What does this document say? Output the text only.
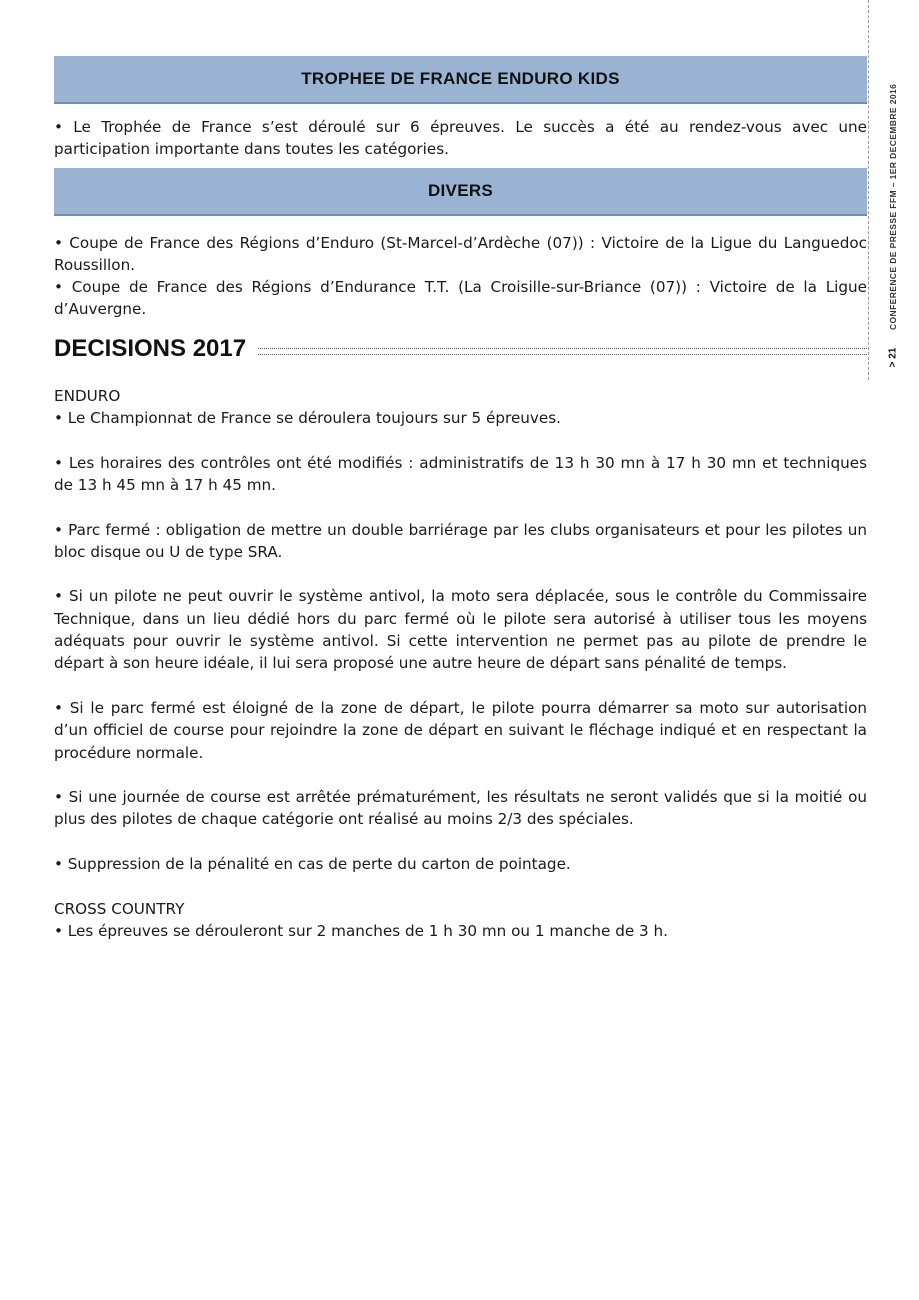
CONFERENCE DE PRESSE FFM – 1ER DECEMBRE 2016
> 21
TROPHEE DE FRANCE ENDURO KIDS

• Le Trophée de France s’est déroulé sur 6 épreuves. Le succès a été au rendez-vous avec une participation importante dans toutes les catégories.

DIVERS

• Coupe de France des Régions d’Enduro (St-Marcel-d’Ardèche (07)) : Victoire de la Ligue du Languedoc Roussillon.

• Coupe de France des Régions d’Endurance T.T. (La Croisille-sur-Briance (07)) : Victoire de la Ligue d’Auvergne.

DECISIONS 2017

ENDURO

• Le Championnat de France se déroulera toujours sur 5 épreuves.

• Les horaires des contrôles ont été modifiés : administratifs de 13 h 30 mn à 17 h 30 mn et techniques de 13 h 45 mn à 17 h 45 mn.

• Parc fermé : obligation de mettre un double barriérage par les clubs organisateurs et pour les pilotes un bloc disque ou U de type SRA.

• Si un pilote ne peut ouvrir le système antivol, la moto sera déplacée, sous le contrôle du Commissaire Technique, dans un lieu dédié hors du parc fermé où le pilote sera autorisé à utiliser tous les moyens adéquats pour ouvrir le système antivol. Si cette intervention ne permet pas au pilote de prendre le départ à son heure idéale, il lui sera proposé une autre heure de départ sans pénalité de temps.

• Si le parc fermé est éloigné de la zone de départ, le pilote pourra démarrer sa moto sur autorisation d’un officiel de course pour rejoindre la zone de départ en suivant le fléchage indiqué et en respectant la procédure normale.

• Si une journée de course est arrêtée prématurément, les résultats ne seront validés que si la moitié ou plus des pilotes de chaque catégorie ont réalisé au moins 2/3 des spéciales.

• Suppression de la pénalité en cas de perte du carton de pointage.

CROSS COUNTRY

• Les épreuves se dérouleront sur 2 manches de 1 h 30 mn ou 1 manche de 3 h.
